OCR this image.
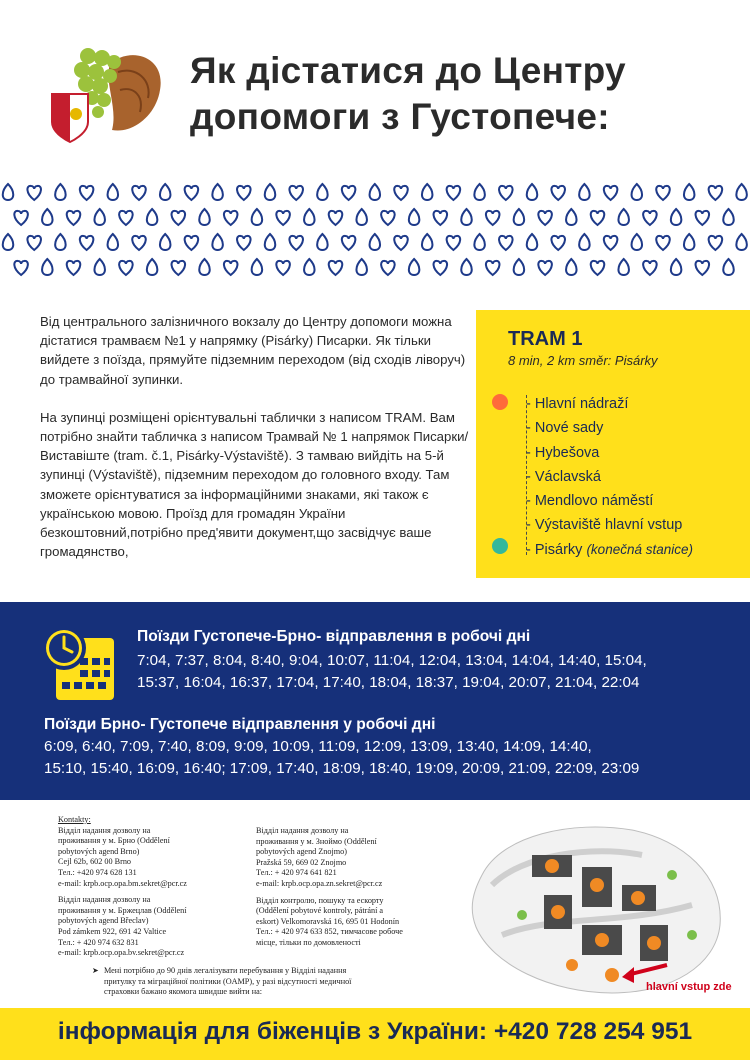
Як дістатися до Центру
допомоги з Густопече:

Від центрального залізничного вокзалу до Центру допомоги можна дістатися трамваєм №1 у напрямку (Pisárky) Писарки. Як тільки вийдете з поїзда, прямуйте підземним переходом (від сходів ліворуч) до трамвайної зупинки.

На зупинці розміщені орієнтувальні таблички з написом TRAM. Вам потрібно знайти табличка з написом Трамвай № 1 напрямок Писарки/Виставіште (tram. č.1, Pisárky-Výstaviště). З тамваю вийдіть на 5-й зупинці (Výstaviště), підземним переходом до головного входу. Там зможете орієнтуватися за інформаційними знаками, які також є українською мовою. Проїзд для громадян України безкоштовний,потрібно пред'явити документ,що засвідчує ваше громадянство,

TRAM 1
8 min, 2 km směr: Pisárky
- Hlavní nádraží
- Nové sady
- Hybešova
- Václavská
- Mendlovo náměstí
- Výstaviště hlavní vstup
- Pisárky (konečná stanice)
Поїзди Густопече-Брно- відправлення в робочі дні
7:04, 7:37, 8:04, 8:40, 9:04, 10:07, 11:04, 12:04, 13:04, 14:04, 14:40, 15:04,
15:37, 16:04, 16:37, 17:04, 17:40, 18:04, 18:37, 19:04, 20:07, 21:04, 22:04
Поїзди Брно- Густопече відправлення у робочі дні
6:09, 6:40, 7:09, 7:40, 8:09, 9:09, 10:09, 11:09, 12:09, 13:09, 13:40, 14:09, 14:40,
15:10, 15:40, 16:09, 16:40; 17:09, 17:40, 18:09, 18:40, 19:09, 20:09, 21:09, 22:09, 23:09
Kontakty:
Відділ надання дозволу на
проживання у м. Брно (Oddělení
pobytových agend Brno)
Cejl 62b, 602 00 Brno
Тел.: +420 974 628 131
e-mail: krpb.ocp.opa.bm.sekret@pcr.cz
Відділ надання дозволу на
проживання у м. Бржецлав (Oddělení
pobytových agend Břeclav)
Pod zámkem 922, 691 42 Valtice
Тел.: + 420 974 632 831
e-mail: krpb.ocp.opa.bv.sekret@pcr.cz
Відділ надання дозволу на
проживання у м. Зноймо (Oddělení
pobytových agend Znojmo)
Pražská 59, 669 02 Znojmo
Тел.: + 420 974 641 821
e-mail: krpb.ocp.opa.zn.sekret@pcr.cz
Відділ контролю, пошуку та ескорту
(Oddělení pobytové kontroly, pátrání a
eskort) Velkomoravská 16, 695 01 Hodonín
Тел.: + 420 974 633 852, тимчасове робоче
місце, тільки по домовленості
➤ Мені потрібно до 90 днів легалізувати перебування у Відділі надання
притулку та міграційної політики (OAMP), у разі відсутності медичної
страховки бажано якомога швидше вийти на:	hlavní vstup zde
інформація для біженців з України: +420 728 254 951
